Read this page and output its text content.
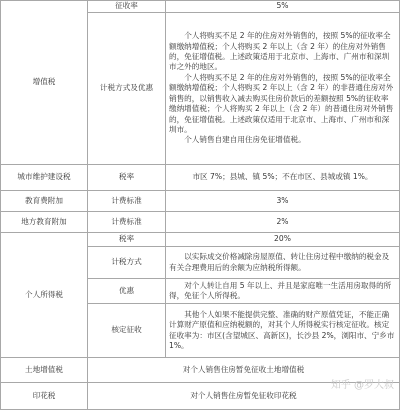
增值税	征收率	5%
	计税方式及优惠	个人将购买不足 2 年的住房对外销售的，按照 5%的征收率全额缴纳增值税；个人将购买 2 年以上（含 2 年）的住房对外销售的，免征增值税。上述政策适用于北京市、上海市、广州市和深圳市之外的地区。
个人将购买不足 2 年的住房对外销售的，按照 5%的征收率全额缴纳增值税；个人将购买 2 年以上（含 2 年）的非普通住房对外销售的，以销售收入减去购买住房价款后的差额按照 5%的征收率缴纳增值税；个人将购买 2 年以上（含 2 年）的普通住房对外销售的，免征增值税。上述政策仅适用于北京市、上海市、广州市和深圳市。
个人销售自建自用住房免征增值税。

城市维护建设税	税率	市区 7%；县城、镇 5%；不在市区、县城或镇 1%。
教育费附加	计费标准	3%
地方教育附加	计费标准	2%
个人所得税	税率	20%
	计税方式	以实际成交价格减除房屋原值、转让住房过程中缴纳的税金及有关合理费用后的余额为应纳税所得额。

	优惠	对个人转让自用 5 年以上、并且是家庭唯一生活用房取得的所得，免征个人所得税。

	核定征收	其他个人如果不能提供完整、准确的财产原值凭证，不能正确计算财产原值和应纳税额的，对其个人所得税实行核定征收。核定征收率为：市区(含望城区、高新区)，长沙县 2%，浏阳市、宁乡市 1%。

土地增值税	对个人销售住房暂免征收土地增值税	
印花税	对个人销售住房暂免征收印花税	
知乎 @罗大叔
